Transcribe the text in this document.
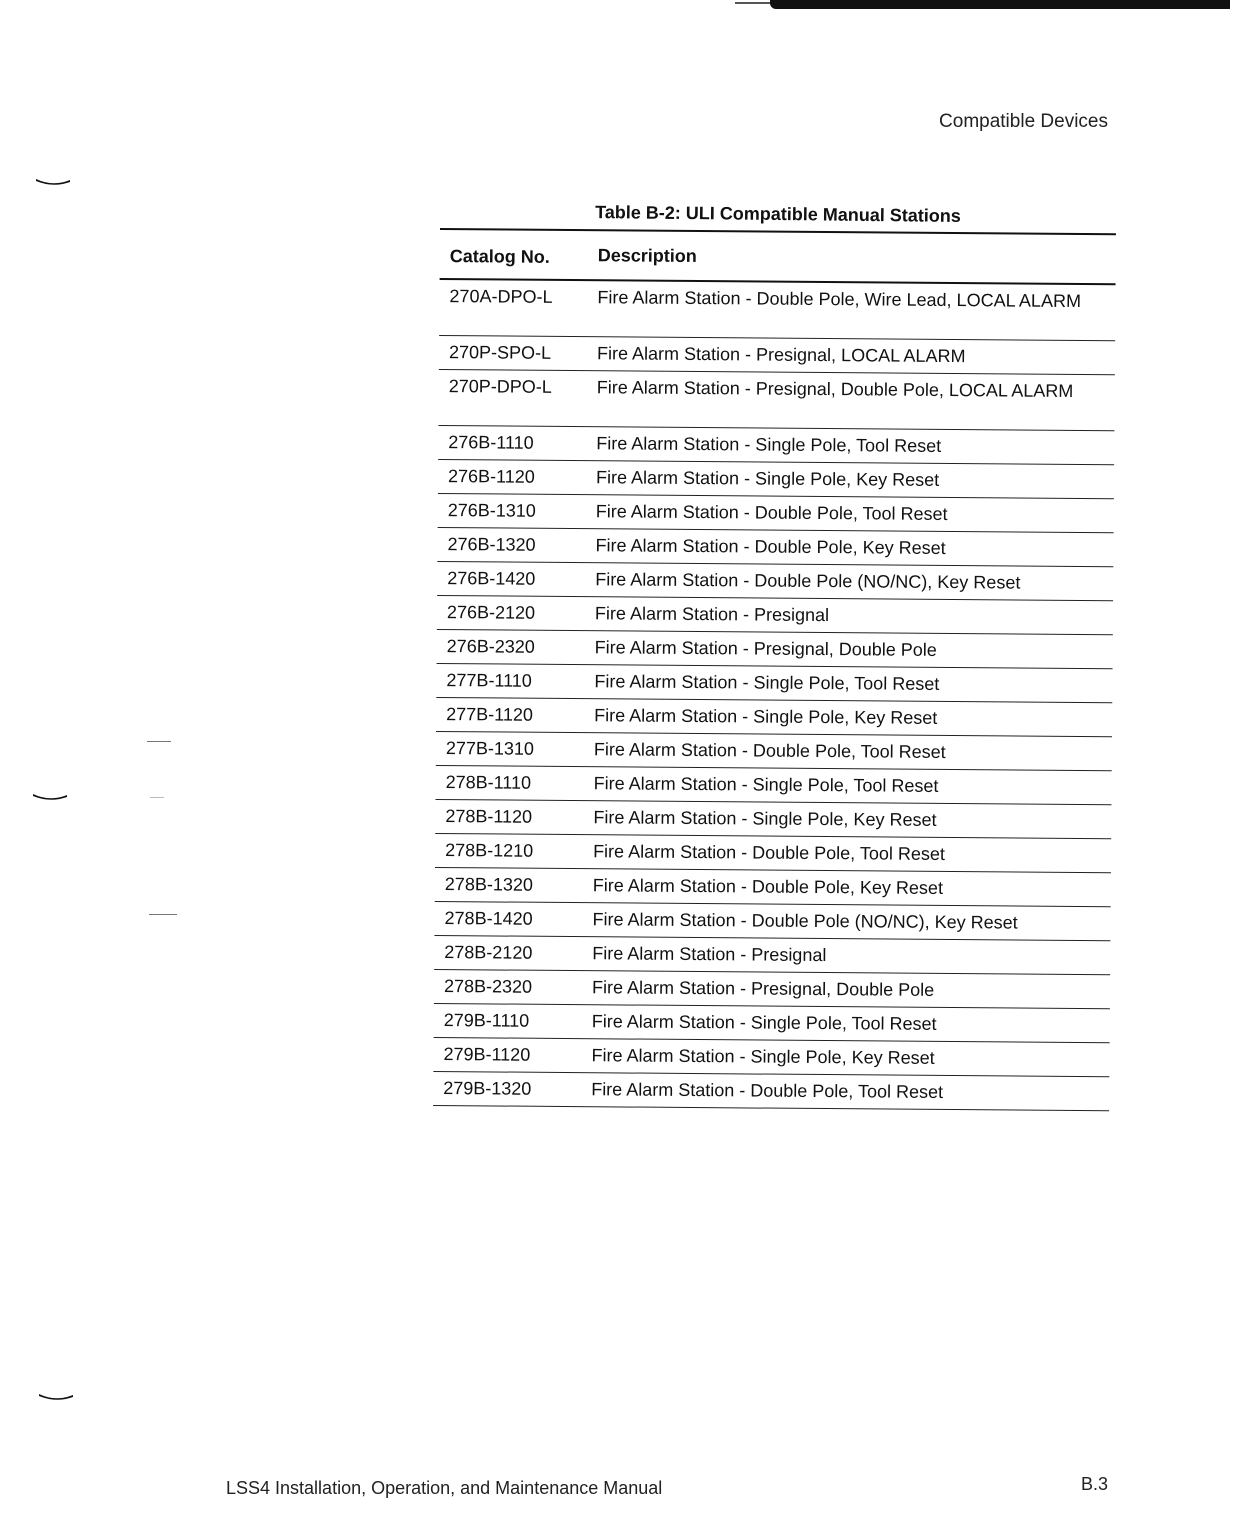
Compatible Devices
Table B-2: ULI Compatible Manual Stations
Catalog No.	Description
270A-DPO-L	Fire Alarm Station - Double Pole, Wire Lead, LOCAL ALARM
270P-SPO-L	Fire Alarm Station - Presignal, LOCAL ALARM
270P-DPO-L	Fire Alarm Station - Presignal, Double Pole, LOCAL ALARM
276B-1110	Fire Alarm Station - Single Pole, Tool Reset
276B-1120	Fire Alarm Station - Single Pole, Key Reset
276B-1310	Fire Alarm Station - Double Pole, Tool Reset
276B-1320	Fire Alarm Station - Double Pole, Key Reset
276B-1420	Fire Alarm Station - Double Pole (NO/NC), Key Reset
276B-2120	Fire Alarm Station - Presignal
276B-2320	Fire Alarm Station - Presignal, Double Pole
277B-1110	Fire Alarm Station - Single Pole, Tool Reset
277B-1120	Fire Alarm Station - Single Pole, Key Reset
277B-1310	Fire Alarm Station - Double Pole, Tool Reset
278B-1110	Fire Alarm Station - Single Pole, Tool Reset
278B-1120	Fire Alarm Station - Single Pole, Key Reset
278B-1210	Fire Alarm Station - Double Pole, Tool Reset
278B-1320	Fire Alarm Station - Double Pole, Key Reset
278B-1420	Fire Alarm Station - Double Pole (NO/NC), Key Reset
278B-2120	Fire Alarm Station - Presignal
278B-2320	Fire Alarm Station - Presignal, Double Pole
279B-1110	Fire Alarm Station - Single Pole, Tool Reset
279B-1120	Fire Alarm Station - Single Pole, Key Reset
279B-1320	Fire Alarm Station - Double Pole, Tool Reset
LSS4 Installation, Operation, and Maintenance Manual	B.3
